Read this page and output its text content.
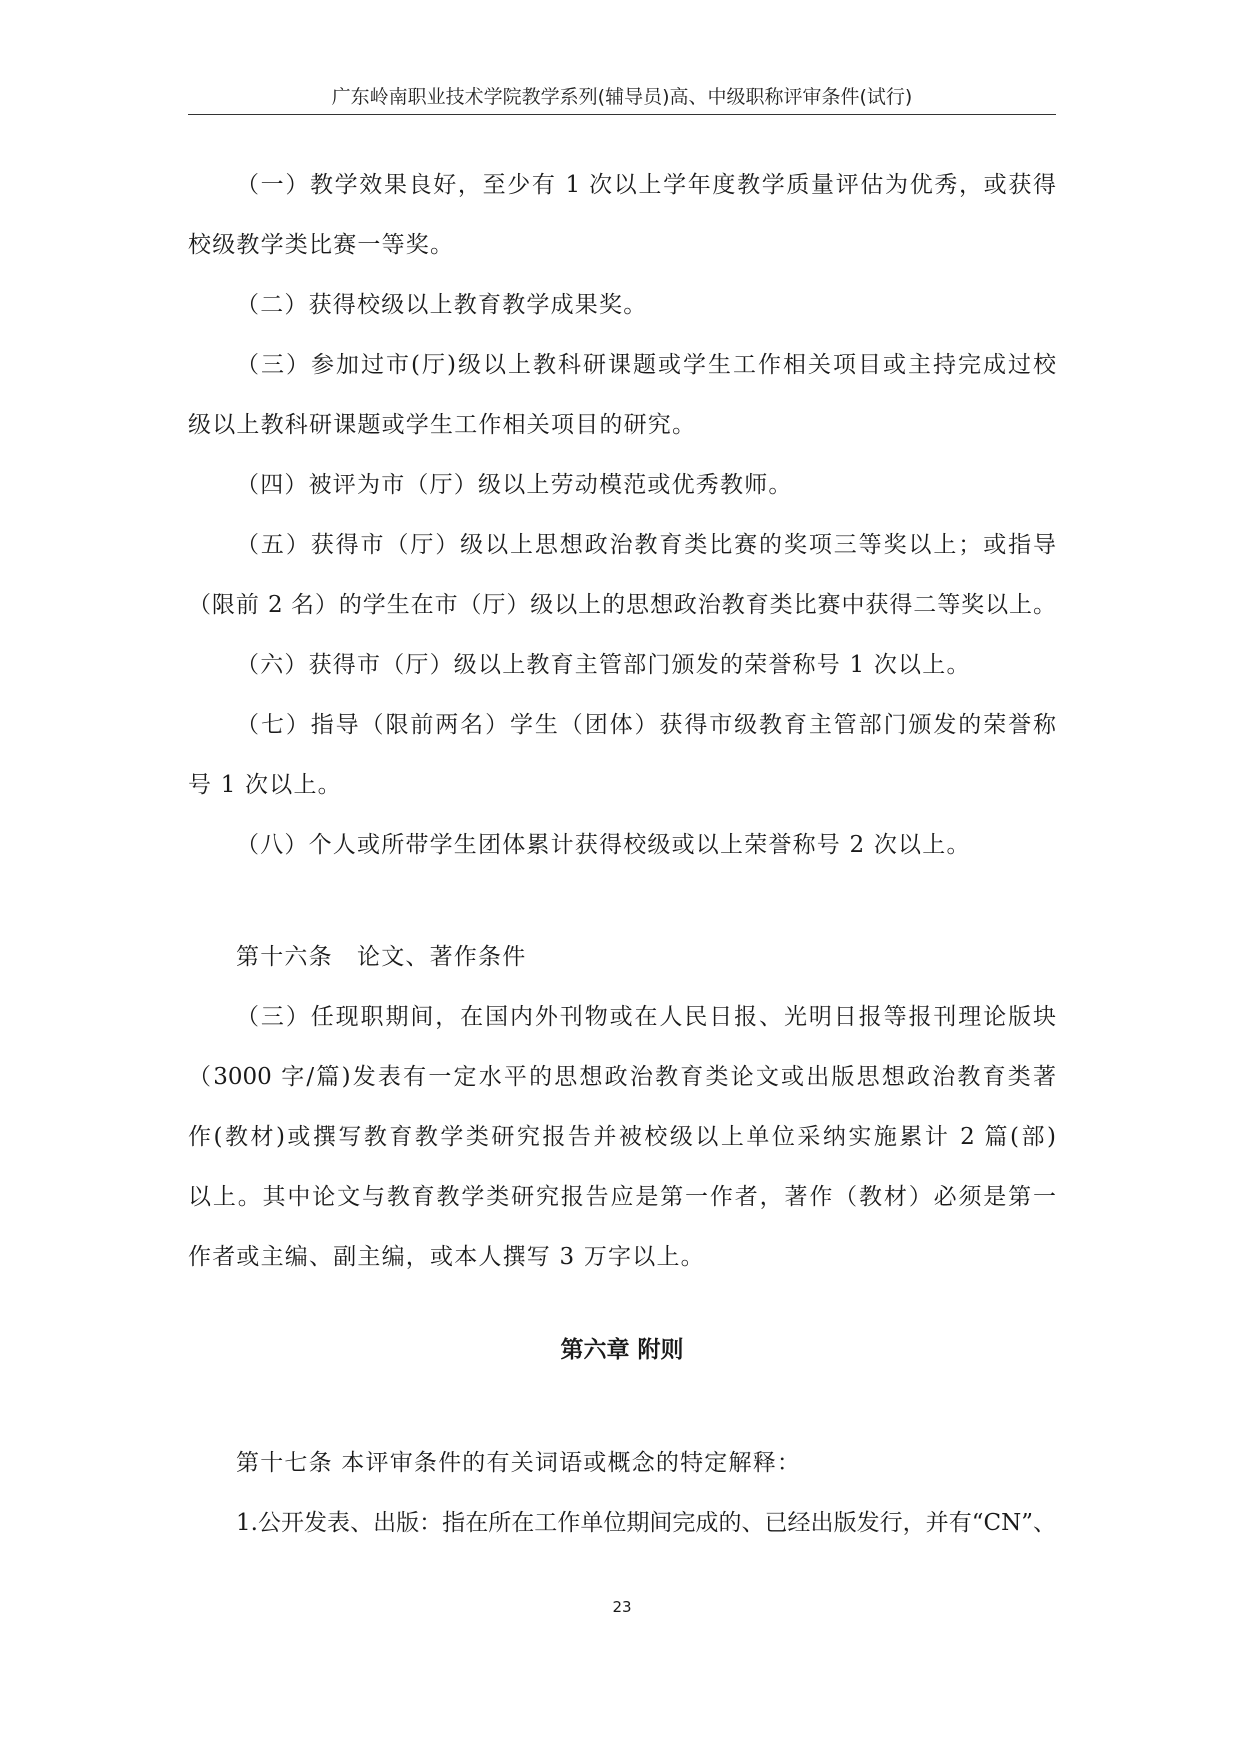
广东岭南职业技术学院教学系列(辅导员)高、中级职称评审条件(试行)
（一）教学效果良好，至少有 1 次以上学年度教学质量评估为优秀，或获得
校级教学类比赛一等奖。
（二）获得校级以上教育教学成果奖。
（三）参加过市(厅)级以上教科研课题或学生工作相关项目或主持完成过校
级以上教科研课题或学生工作相关项目的研究。
（四）被评为市（厅）级以上劳动模范或优秀教师。
（五）获得市（厅）级以上思想政治教育类比赛的奖项三等奖以上；或指导
（限前 2 名）的学生在市（厅）级以上的思想政治教育类比赛中获得二等奖以上。
（六）获得市（厅）级以上教育主管部门颁发的荣誉称号 1 次以上。
（七）指导（限前两名）学生（团体）获得市级教育主管部门颁发的荣誉称
号 1 次以上。
（八）个人或所带学生团体累计获得校级或以上荣誉称号 2 次以上。
第十六条　论文、著作条件
（三）任现职期间，在国内外刊物或在人民日报、光明日报等报刊理论版块
（3000 字/篇)发表有一定水平的思想政治教育类论文或出版思想政治教育类著
作(教材)或撰写教育教学类研究报告并被校级以上单位采纳实施累计 2 篇(部)
以上。其中论文与教育教学类研究报告应是第一作者，著作（教材）必须是第一
作者或主编、副主编，或本人撰写 3 万字以上。
第六章 附则
第十七条 本评审条件的有关词语或概念的特定解释：
1.公开发表、出版：指在所在工作单位期间完成的、已经出版发行，并有“CN”、
23
